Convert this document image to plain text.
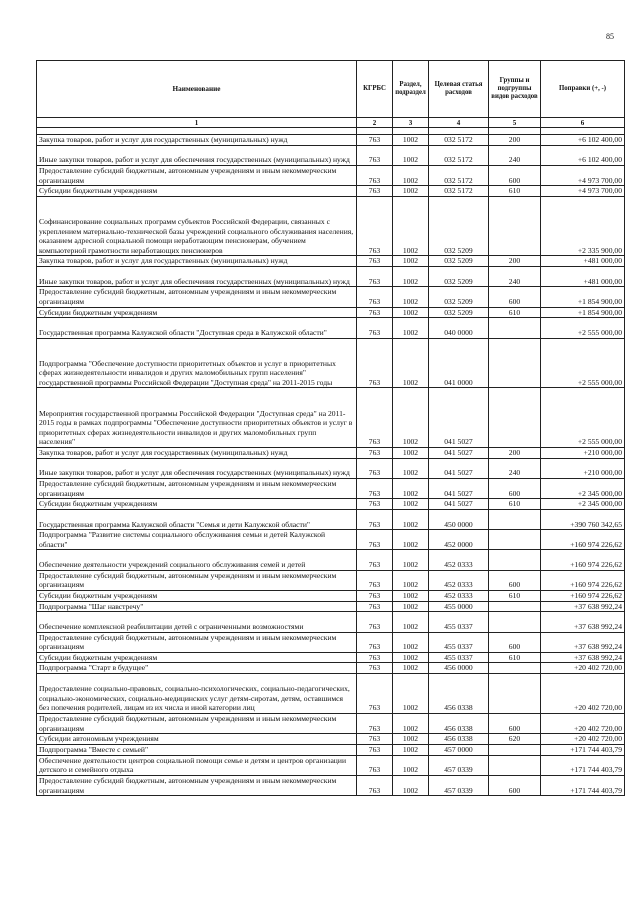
85
Наименование	КГРБС	Раздел, подраздел	Целевая статья расходов	Группы и подгруппы видов расходов	Поправки (+, -)
1	2	3	4	5	6

Закупка товаров, работ и услуг для государственных (муниципальных) нужд	763	1002	032 5172	200	+6 102 400,00
Иные закупки товаров, работ и услуг для обеспечения государственных (муниципальных) нужд	763	1002	032 5172	240	+6 102 400,00
Предоставление субсидий бюджетным, автономным учреждениям и иным некоммерческим организациям	763	1002	032 5172	600	+4 973 700,00
Субсидии бюджетным учреждениям	763	1002	032 5172	610	+4 973 700,00
Софинансирование социальных программ субъектов Российской Федерации, связанных с укреплением материально-технической базы учреждений социального обслуживания населения, оказанием адресной социальной помощи неработающим пенсионерам, обучением компьютерной грамотности неработающих пенсионеров	763	1002	032 5209		+2 335 900,00
Закупка товаров, работ и услуг для государственных (муниципальных) нужд	763	1002	032 5209	200	+481 000,00
Иные закупки товаров, работ и услуг для обеспечения государственных (муниципальных) нужд	763	1002	032 5209	240	+481 000,00
Предоставление субсидий бюджетным, автономным учреждениям и иным некоммерческим организациям	763	1002	032 5209	600	+1 854 900,00
Субсидии бюджетным учреждениям	763	1002	032 5209	610	+1 854 900,00
Государственная программа Калужской области "Доступная среда в Калужской области"	763	1002	040 0000		+2 555 000,00
Подпрограмма "Обеспечение доступности приоритетных объектов и услуг в приоритетных сферах жизнедеятельности инвалидов и других маломобильных групп населения" государственной программы Российской Федерации "Доступная среда" на 2011-2015 годы	763	1002	041 0000		+2 555 000,00
Мероприятия государственной программы Российской Федерации "Доступная среда" на 2011-2015 годы в рамках подпрограммы "Обеспечение доступности приоритетных объектов и услуг в приоритетных сферах жизнедеятельности инвалидов и других маломобильных групп населения"	763	1002	041 5027		+2 555 000,00
Закупка товаров, работ и услуг для государственных (муниципальных) нужд	763	1002	041 5027	200	+210 000,00
Иные закупки товаров, работ и услуг для обеспечения государственных (муниципальных) нужд	763	1002	041 5027	240	+210 000,00
Предоставление субсидий бюджетным, автономным учреждениям и иным некоммерческим организациям	763	1002	041 5027	600	+2 345 000,00
Субсидии бюджетным учреждениям	763	1002	041 5027	610	+2 345 000,00
Государственная программа Калужской области "Семья и дети Калужской области"	763	1002	450 0000		+390 760 342,65
Подпрограмма "Развитие системы социального обслуживания семьи и детей Калужской области"	763	1002	452 0000		+160 974 226,62
Обеспечение деятельности учреждений социального обслуживания семей и детей	763	1002	452 0333		+160 974 226,62
Предоставление субсидий бюджетным, автономным учреждениям и иным некоммерческим организациям	763	1002	452 0333	600	+160 974 226,62
Субсидии бюджетным учреждениям	763	1002	452 0333	610	+160 974 226,62
Подпрограмма "Шаг навстречу"	763	1002	455 0000		+37 638 992,24
Обеспечение комплексной реабилитации детей с ограниченными возможностями	763	1002	455 0337		+37 638 992,24
Предоставление субсидий бюджетным, автономным учреждениям и иным некоммерческим организациям	763	1002	455 0337	600	+37 638 992,24
Субсидии бюджетным учреждениям	763	1002	455 0337	610	+37 638 992,24
Подпрограмма "Старт в будущее"	763	1002	456 0000		+20 402 720,00
Предоставление социально-правовых, социально-психологических, социально-педагогических, социально-экономических, социально-медицинских услуг детям-сиротам, детям, оставшимся без попечения родителей, лицам из их числа и иной категории лиц	763	1002	456 0338		+20 402 720,00
Предоставление субсидий бюджетным, автономным учреждениям и иным некоммерческим организациям	763	1002	456 0338	600	+20 402 720,00
Субсидии автономным учреждениям	763	1002	456 0338	620	+20 402 720,00
Подпрограмма "Вместе с семьей"	763	1002	457 0000		+171 744 403,79
Обеспечение деятельности центров социальной помощи семье и детям и центров организации детского и семейного отдыха	763	1002	457 0339		+171 744 403,79
Предоставление субсидий бюджетным, автономным учреждениям и иным некоммерческим организациям	763	1002	457 0339	600	+171 744 403,79
